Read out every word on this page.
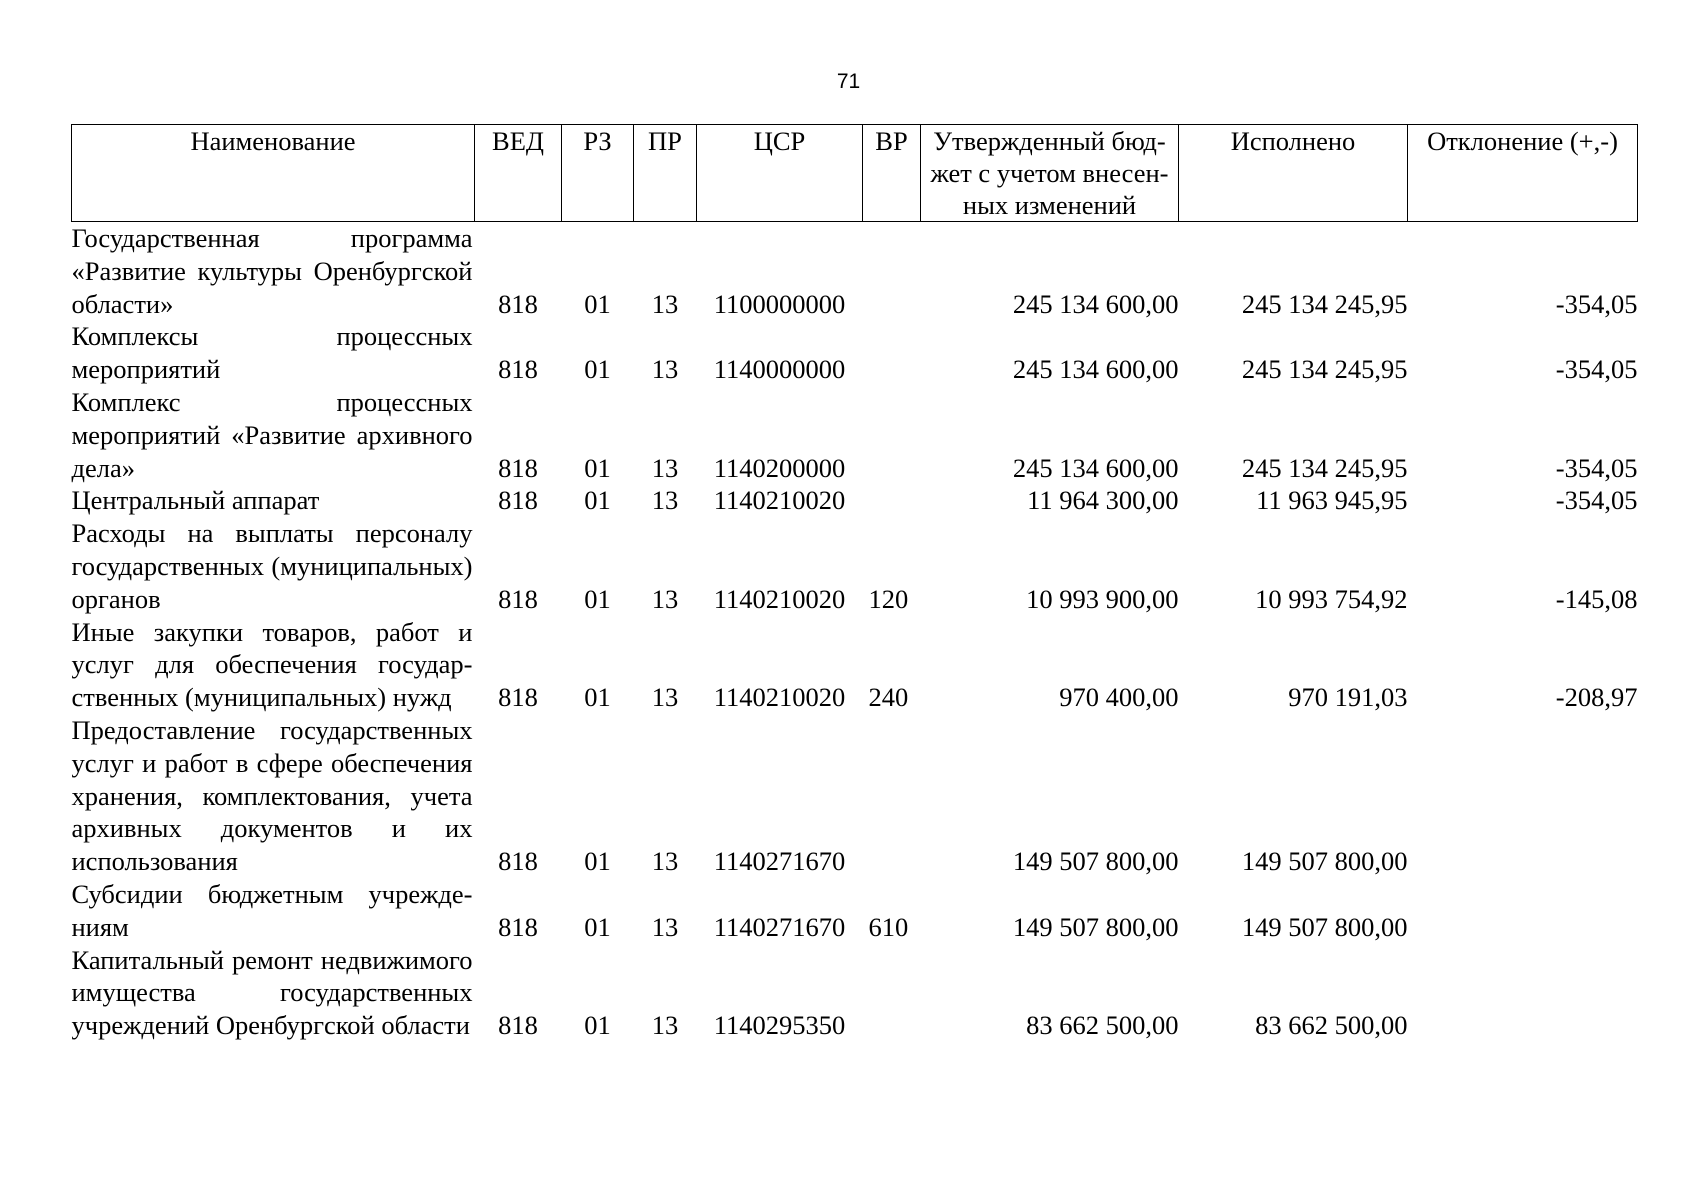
71
Наименование	ВЕД	РЗ	ПР	ЦСР	ВР	Утвержденный бюд-
жет с учетом внесен-
ных изменений	Исполнено	Отклонение (+,-)
Государственная программа «Развитие культуры Оренбургской области»	818	01	13	1100000000		245 134 600,00	245 134 245,95	-354,05
Комплексы процессных мероприятий	818	01	13	1140000000		245 134 600,00	245 134 245,95	-354,05
Комплекс процессных мероприятий «Развитие архивного дела»	818	01	13	1140200000		245 134 600,00	245 134 245,95	-354,05
Центральный аппарат	818	01	13	1140210020		11 964 300,00	11 963 945,95	-354,05
Расходы на выплаты персоналу государственных (муниципальных) органов	818	01	13	1140210020	120	10 993 900,00	10 993 754,92	-145,08
Иные закупки товаров, работ и услуг для обеспечения государственных (муниципальных) нужд	818	01	13	1140210020	240	970 400,00	970 191,03	-208,97
Предоставление государственных услуг и работ в сфере обеспечения хранения, комплектования, учета архивных документов и их использования	818	01	13	1140271670		149 507 800,00	149 507 800,00	
Субсидии бюджетным учреждениям	818	01	13	1140271670	610	149 507 800,00	149 507 800,00	
Капитальный ремонт недвижимого имущества государственных учреждений Оренбургской области	818	01	13	1140295350		83 662 500,00	83 662 500,00	
